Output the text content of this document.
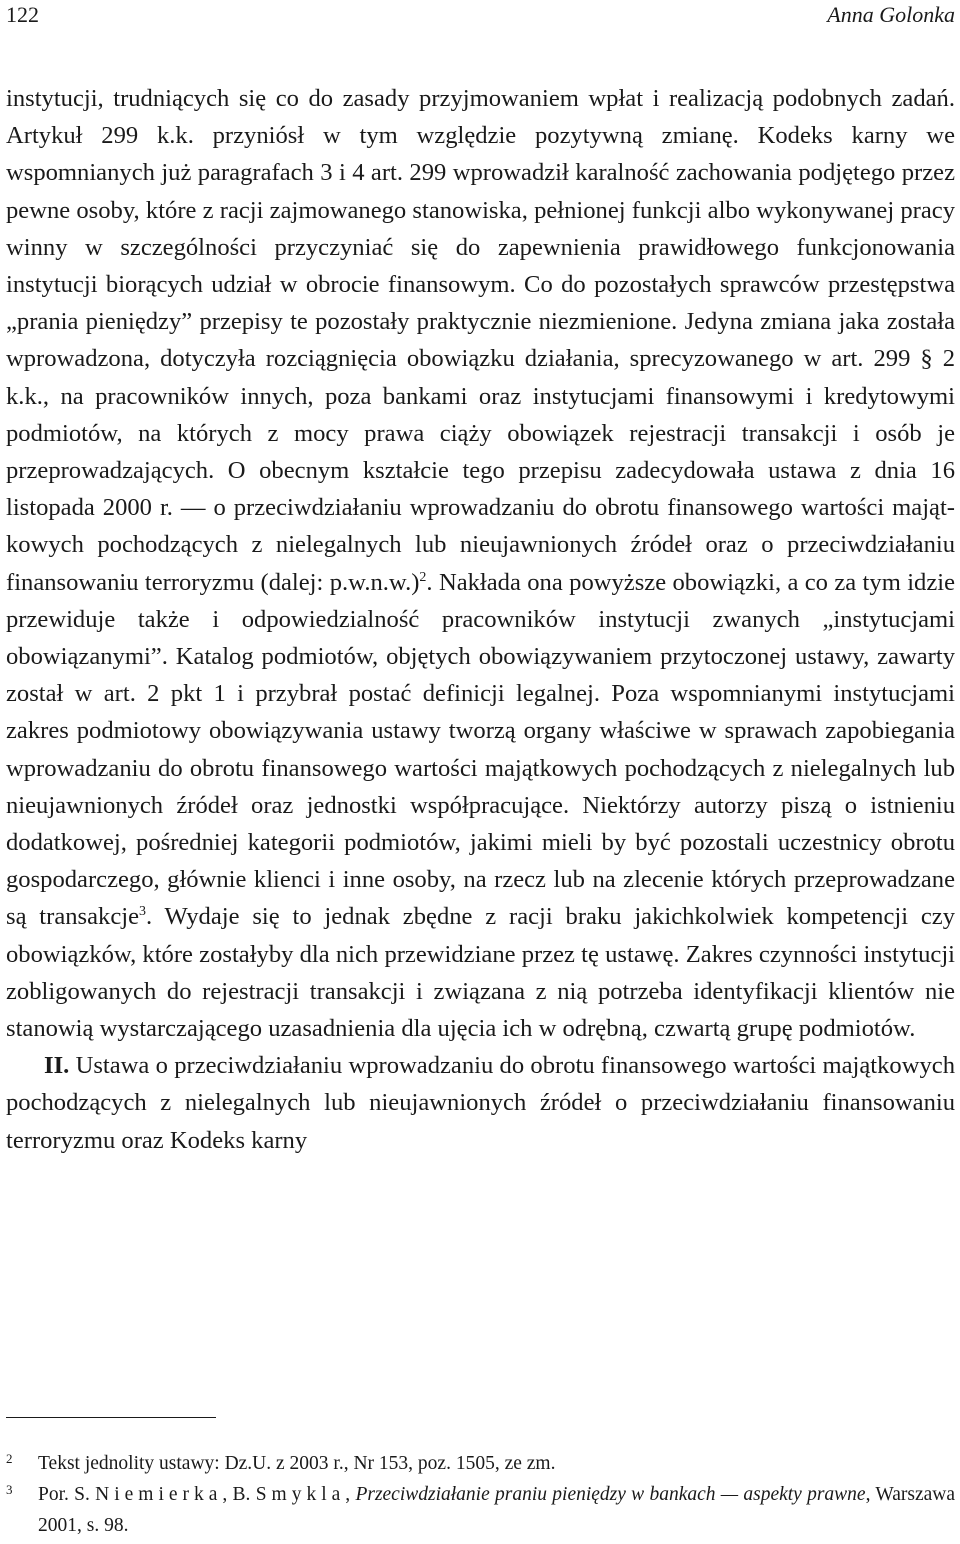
122	Anna Golonka

instytucji, trudniących się co do zasady przyjmowaniem wpłat i realizacją podobnych zadań. Artykuł 299 k.k. przyniósł w tym względzie pozytywną zmianę. Kodeks karny we wspomnianych już paragrafach 3 i 4 art. 299 wprowadził karalność zachowania podjętego przez pewne osoby, które z racji zajmowanego stanowiska, pełnionej funkcji albo wykonywanej pracy winny w szczególności przyczyniać się do zapewnienia prawidłowego funkcjonowania instytucji biorących udział w obrocie finansowym. Co do pozostałych sprawców przestępstwa „prania pieniędzy” przepisy te pozostały praktycznie niezmienione. Jedyna zmiana jaka została wprowadzona, dotyczyła rozciągnięcia obowiązku działania, sprecyzowanego w art. 299 § 2 k.k., na pracowników innych, poza bankami oraz instytucjami finansowymi i kredytowymi podmiotów, na których z mocy prawa ciąży obowiązek rejestracji transakcji i osób je przeprowadzających. O obecnym kształcie tego przepisu zadecydowała ustawa z dnia 16 listopada 2000 r. — o przeciwdziałaniu wprowadzaniu do obrotu finansowego wartości majątkowych pochodzących z nielegalnych lub nieujawnionych źródeł oraz o przeciwdziałaniu finansowaniu terroryzmu (dalej: p.w.n.w.)$^2$. Nakłada ona powyższe obowiązki, a co za tym idzie przewiduje także i odpowiedzialność pracowników instytucji zwanych „instytucjami obowiązanymi”. Katalog podmiotów, objętych obowiązywaniem przytoczonej ustawy, zawarty został w art. 2 pkt 1 i przybrał postać definicji legalnej. Poza wspomnianymi instytucjami zakres podmiotowy obowiązywania ustawy tworzą organy właściwe w sprawach zapobiegania wprowadzaniu do obrotu finansowego wartości majątkowych pochodzących z nielegalnych lub nieujawnionych źródeł oraz jednostki współpracujące. Niektórzy autorzy piszą o istnieniu dodatkowej, pośredniej kategorii podmiotów, jakimi mieli by być pozostali uczestnicy obrotu gospodarczego, głównie klienci i inne osoby, na rzecz lub na zlecenie których przeprowadzane są transakcje$^3$. Wydaje się to jednak zbędne z racji braku jakichkolwiek kompetencji czy obowiązków, które zostałyby dla nich przewidziane przez tę ustawę. Zakres czynności instytucji zobligowanych do rejestracji transakcji i związana z nią potrzeba identyfikacji klientów nie stanowią wystarczającego uzasadnienia dla ujęcia ich w odrębną, czwartą grupę podmiotów.

II. Ustawa o przeciwdziałaniu wprowadzaniu do obrotu finansowego wartości majątkowych pochodzących z nielegalnych lub nieujawnionych źródeł o przeciwdziałaniu finansowaniu terroryzmu oraz Kodeks karny

2 Tekst jednolity ustawy: Dz.U. z 2003 r., Nr 153, poz. 1505, ze zm.
3 Por. S. Niemierka, B. Smykla, Przeciwdziałanie praniu pieniędzy w bankach — aspekty prawne, Warszawa 2001, s. 98.
